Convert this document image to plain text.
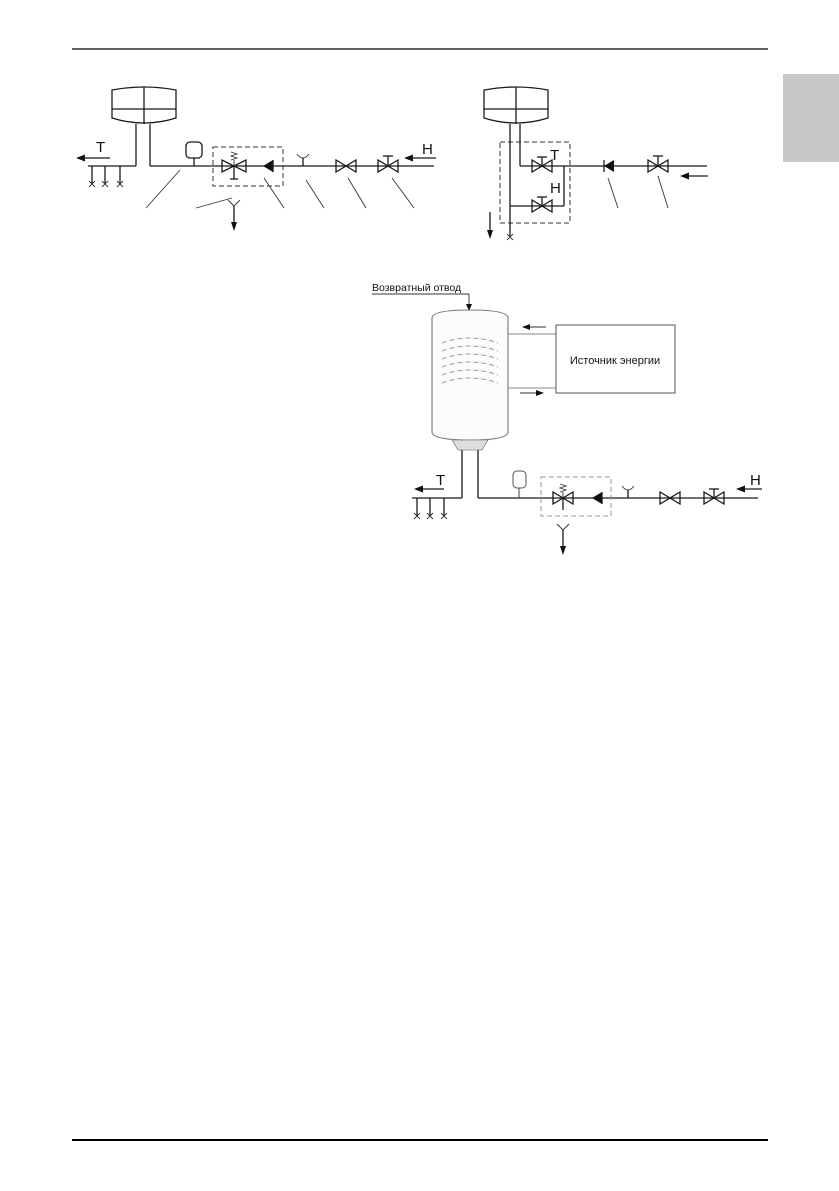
T	H	T
H
Возвратный отвод
Источник энергии
T	H
